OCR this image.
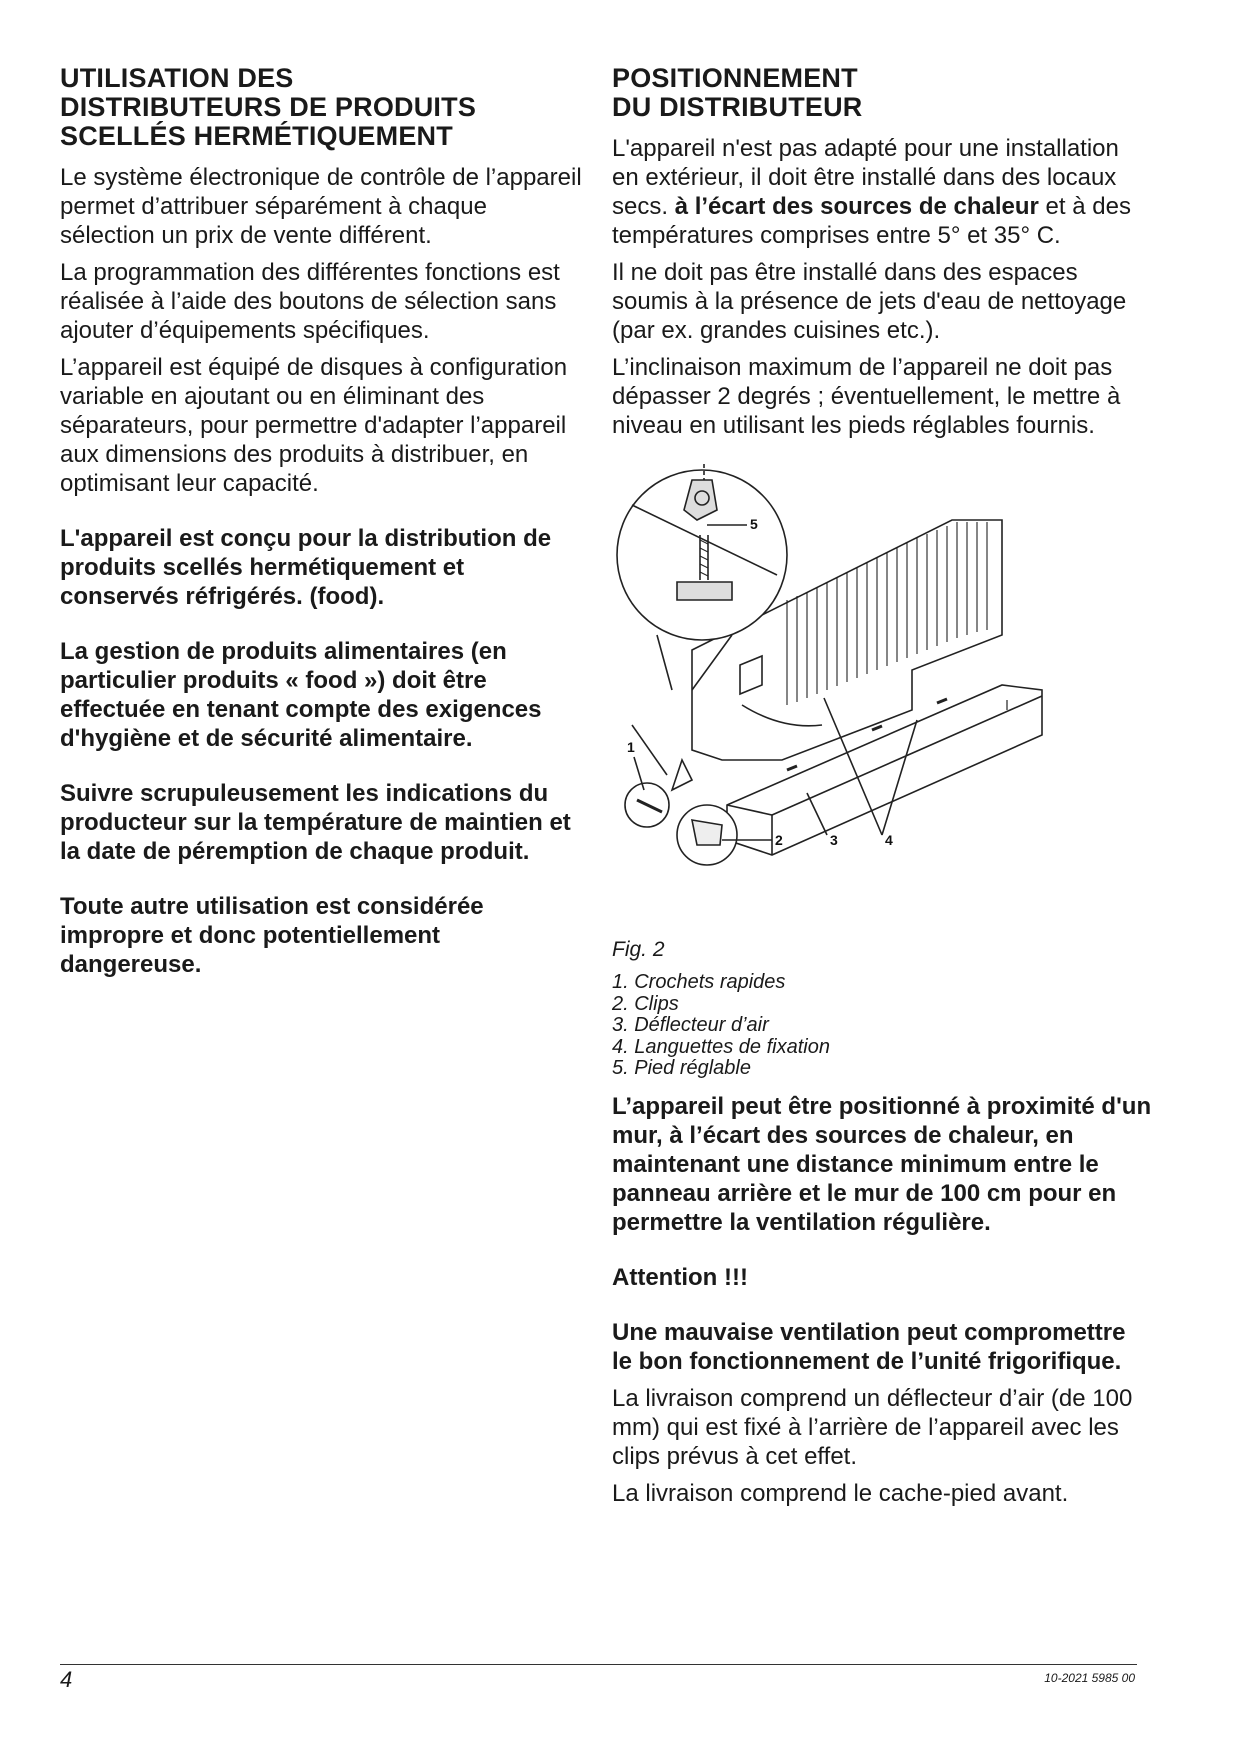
UTILISATION DES
DISTRIBUTEURS DE PRODUITS
SCELLÉS HERMÉTIQUEMENT

Le système électronique de contrôle de l’appareil permet d’attribuer séparément à chaque sélection un prix de vente différent.

La programmation des différentes fonctions est réalisée à l’aide des boutons de sélection sans ajouter d’équipements spécifiques.

L’appareil est équipé de disques à configuration variable en ajoutant ou en éliminant des séparateurs, pour permettre d'adapter l’appareil aux dimensions des produits à distribuer, en optimisant leur capacité.

L'appareil est conçu pour la distribution de produits scellés hermétiquement et conservés réfrigérés. (food).

La gestion de produits alimentaires (en particulier produits « food ») doit être effectuée en tenant compte des exigences d'hygiène et de sécurité alimentaire.

Suivre scrupuleusement les indications du producteur sur la température de maintien et la date de péremption de chaque produit.

Toute autre utilisation est considérée impropre et donc potentiellement dangereuse.

POSITIONNEMENT
DU DISTRIBUTEUR

L'appareil n'est pas adapté pour une installation en extérieur, il doit être installé dans des locaux secs. à l’écart des sources de chaleur et à des températures comprises entre 5° et 35° C.

Il ne doit pas être installé dans des espaces soumis à la présence de jets d'eau de nettoyage (par ex. grandes cuisines etc.).

L’inclinaison maximum de l’appareil ne doit pas dépasser 2 degrés ; éventuellement, le mettre à niveau en utilisant les pieds réglables fournis.

5
1
2	3	4
Fig. 2
1. Crochets rapides
2. Clips
3. Déflecteur d’air
4. Languettes de fixation
5. Pied réglable

L’appareil peut être positionné à proximité d'un mur, à l’écart des sources de chaleur, en maintenant une distance minimum entre le panneau arrière et le mur de 100 cm pour en permettre la ventilation régulière.

Attention !!!

Une mauvaise ventilation peut compromettre le bon fonctionnement de l’unité frigorifique.

La livraison comprend un déflecteur d’air (de 100 mm) qui est fixé à l’arrière de l’appareil avec les clips prévus à cet effet.

La livraison comprend le cache-pied avant.

4	10-2021 5985 00
